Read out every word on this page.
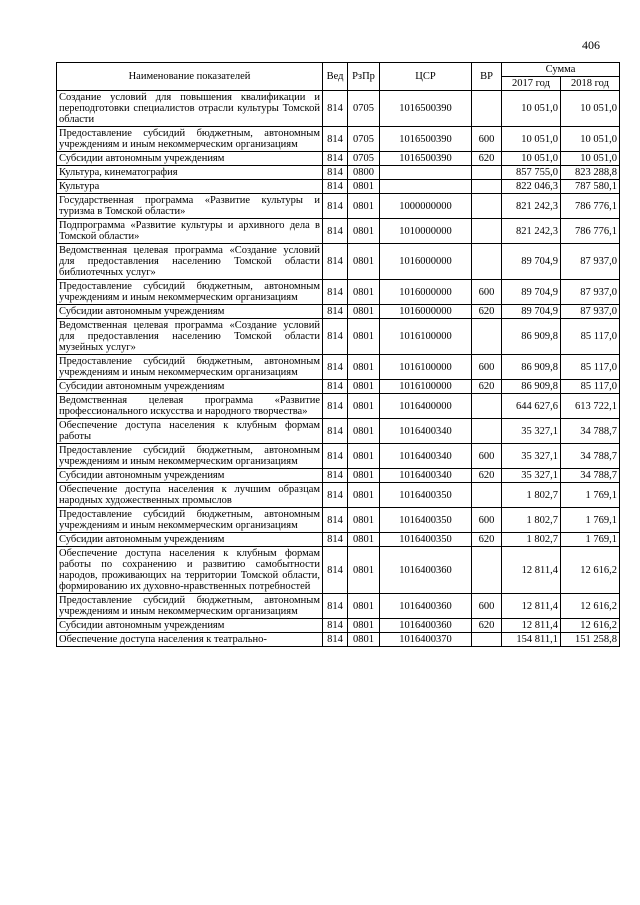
406
Наименование показателей	Вед	РзПр	ЦСР	ВР	Сумма	
					2017 год	2018 год
Создание условий для повышения квалификации и переподготовки специалистов отрасли культуры Томской области	814	0705	1016500390		10 051,0	10 051,0
Предоставление субсидий бюджетным, автономным учреждениям и иным некоммерческим организациям	814	0705	1016500390	600	10 051,0	10 051,0
Субсидии автономным учреждениям	814	0705	1016500390	620	10 051,0	10 051,0
Культура, кинематография	814	0800			857 755,0	823 288,8
Культура	814	0801			822 046,3	787 580,1
Государственная программа «Развитие культуры и туризма в Томской области»	814	0801	1000000000		821 242,3	786 776,1
Подпрограмма «Развитие культуры и архивного дела в Томской области»	814	0801	1010000000		821 242,3	786 776,1
Ведомственная целевая программа «Создание условий для предоставления населению Томской области библиотечных услуг»	814	0801	1016000000		89 704,9	87 937,0
Предоставление субсидий бюджетным, автономным учреждениям и иным некоммерческим организациям	814	0801	1016000000	600	89 704,9	87 937,0
Субсидии автономным учреждениям	814	0801	1016000000	620	89 704,9	87 937,0
Ведомственная целевая программа «Создание условий для предоставления населению Томской области музейных услуг»	814	0801	1016100000		86 909,8	85 117,0
Предоставление субсидий бюджетным, автономным учреждениям и иным некоммерческим организациям	814	0801	1016100000	600	86 909,8	85 117,0
Субсидии автономным учреждениям	814	0801	1016100000	620	86 909,8	85 117,0
Ведомственная целевая программа «Развитие профессионального искусства и народного творчества»	814	0801	1016400000		644 627,6	613 722,1
Обеспечение доступа населения к клубным формам работы	814	0801	1016400340		35 327,1	34 788,7
Предоставление субсидий бюджетным, автономным учреждениям и иным некоммерческим организациям	814	0801	1016400340	600	35 327,1	34 788,7
Субсидии автономным учреждениям	814	0801	1016400340	620	35 327,1	34 788,7
Обеспечение доступа населения к лучшим образцам народных художественных промыслов	814	0801	1016400350		1 802,7	1 769,1
Предоставление субсидий бюджетным, автономным учреждениям и иным некоммерческим организациям	814	0801	1016400350	600	1 802,7	1 769,1
Субсидии автономным учреждениям	814	0801	1016400350	620	1 802,7	1 769,1
Обеспечение доступа населения к клубным формам работы по сохранению и развитию самобытности народов, проживающих на территории Томской области, формированию их духовно-нравственных потребностей	814	0801	1016400360		12 811,4	12 616,2
Предоставление субсидий бюджетным, автономным учреждениям и иным некоммерческим организациям	814	0801	1016400360	600	12 811,4	12 616,2
Субсидии автономным учреждениям	814	0801	1016400360	620	12 811,4	12 616,2
Обеспечение доступа населения к театрально-	814	0801	1016400370		154 811,1	151 258,8
